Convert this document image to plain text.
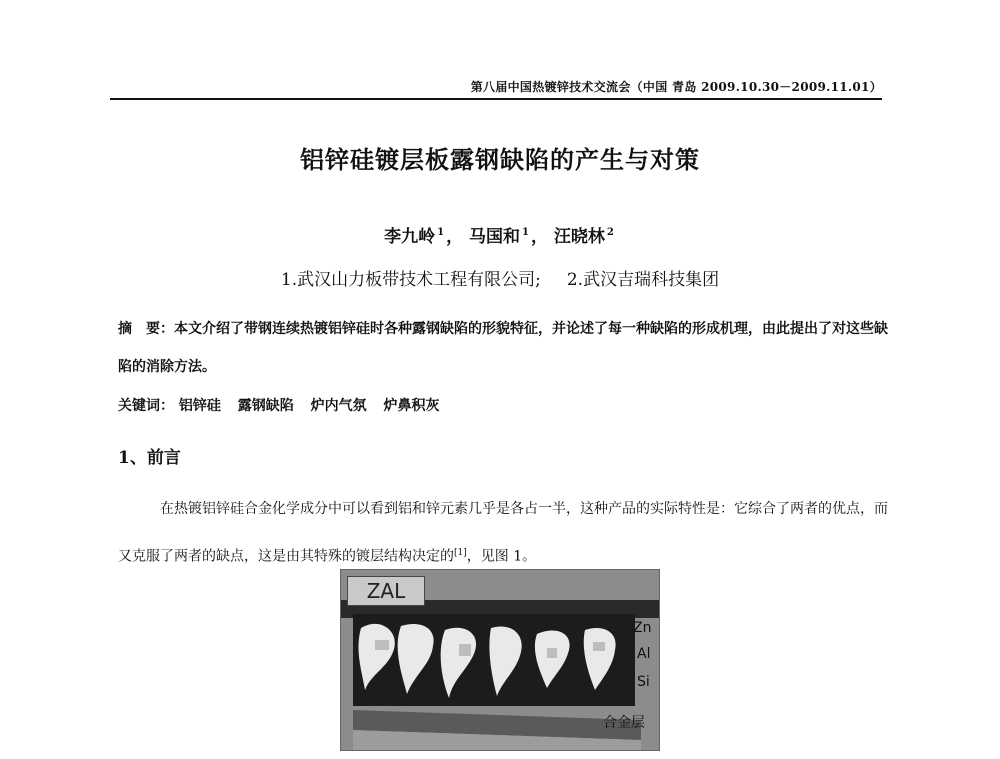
第八届中国热镀锌技术交流会（中国 青岛 2009.10.30－2009.11.01）
铝锌硅镀层板露钢缺陷的产生与对策
李九岭 $^1$ ， 马国和 $^1$ ， 汪晓林 $^2$
1.武汉山力板带技术工程有限公司; 2.武汉吉瑞科技集团
摘　要：本文介绍了带钢连续热镀铝锌硅时各种露钢缺陷的形貌特征，并论述了每一种缺陷的形成机理，由此提出了对这些缺陷的消除方法。
关键词： 铝锌硅 露钢缺陷 炉内气氛 炉鼻积灰
1、前言
在热镀铝锌硅合金化学成分中可以看到铝和锌元素几乎是各占一半，这种产品的实际特性是：它综合了两者的优点，而又克服了两者的缺点，这是由其特殊的镀层结构决定的[1]，见图 1。
ZAL
Zn
Al
Si
合金层
